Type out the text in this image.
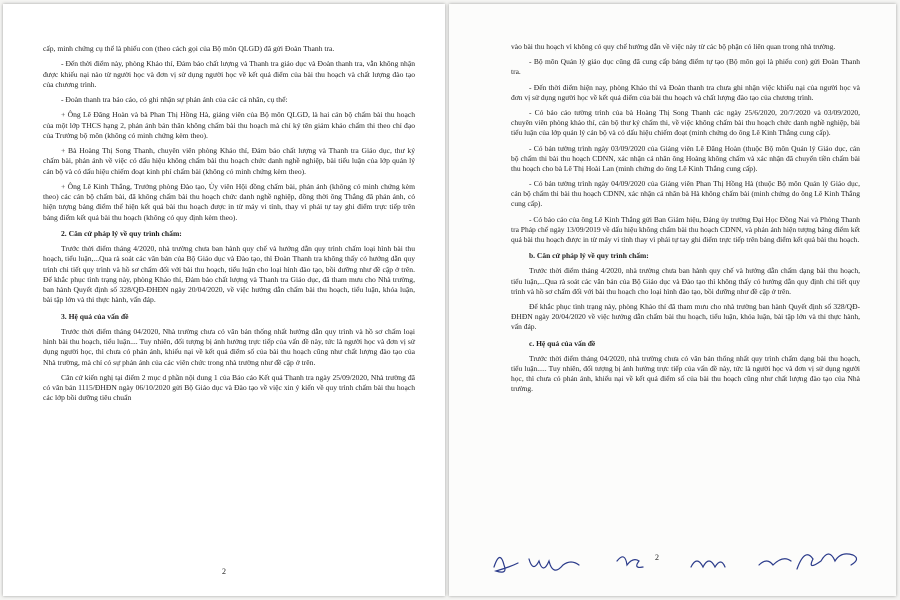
cấp, minh chứng cụ thể là phiếu con (theo cách gọi của Bộ môn QLGD) đã gửi Đoàn Thanh tra.

- Đến thời điểm này, phòng Khảo thí, Đảm bảo chất lượng và Thanh tra giáo dục và Đoàn thanh tra, vẫn không nhận được khiếu nại nào từ người học và đơn vị sử dụng người học về kết quả điểm của bài thu hoạch và chất lượng đào tạo của chương trình.

- Đoàn thanh tra báo cáo, có ghi nhận sự phản ánh của các cá nhân, cụ thể:

+ Ông Lê Đăng Hoàn và bà Phan Thị Hồng Hà, giảng viên của Bộ môn QLGD, là hai cán bộ chấm bài thu hoạch của một lớp THCS hạng 2, phản ánh bản thân không chấm bài thu hoạch mà chỉ ký tên giám khảo chấm thi theo chỉ đạo của Trưởng bộ môn (không có minh chứng kèm theo).

+ Bà Hoàng Thị Song Thanh, chuyên viên phòng Khảo thí, Đảm bảo chất lượng và Thanh tra Giáo dục, thư ký chấm bài, phản ánh về việc có dấu hiệu không chấm bài thu hoạch chức danh nghề nghiệp, bài tiểu luận của lớp quản lý cán bộ và có dấu hiệu chiếm đoạt kinh phí chấm bài (không có minh chứng kèm theo).

+ Ông Lê Kinh Thắng, Trưởng phòng Đào tạo, Ủy viên Hội đồng chấm bài, phản ánh (không có minh chứng kèm theo) các cán bộ chấm bài, đã không chấm bài thu hoạch chức danh nghề nghiệp, đồng thời ông Thắng đã phản ánh, có hiện tượng bảng điểm thể hiện kết quả bài thu hoạch được in từ máy vi tính, thay vì phải tự tay ghi điểm trực tiếp trên bảng điểm kết quả bài thu hoạch (không có quy định kèm theo).

2. Căn cứ pháp lý về quy trình chấm:

Trước thời điểm tháng 4/2020, nhà trường chưa ban hành quy chế và hướng dẫn quy trình chấm loại hình bài thu hoạch, tiểu luận,...Qua rà soát các văn bản của Bộ Giáo dục và Đào tạo, thì Đoàn Thanh tra không thấy có hướng dẫn quy trình chi tiết quy trình và hồ sơ chấm đối với bài thu hoạch, tiểu luận cho loại hình đào tạo, bồi dưỡng như đề cập ở trên. Để khắc phục tình trạng này, phòng Khảo thí, Đảm bảo chất lượng và Thanh tra Giáo dục, đã tham mưu cho Nhà trường, ban hành Quyết định số 328/QĐ-ĐHĐN ngày 20/04/2020, về việc hướng dẫn chấm bài thu hoạch, tiểu luận, khóa luận, bài tập lớn và thi thực hành, vấn đáp.

3. Hệ quả của vấn đề

Trước thời điểm tháng 04/2020, Nhà trường chưa có văn bản thống nhất hướng dẫn quy trình và hồ sơ chấm loại hình bài thu hoạch, tiểu luận.... Tuy nhiên, đối tượng bị ảnh hưởng trực tiếp của vấn đề này, tức là người học và đơn vị sử dụng người học, thì chưa có phản ánh, khiếu nại về kết quả điểm số của bài thu hoạch cũng như chất lượng đào tạo của Nhà trường, mà chỉ có sự phản ánh của các viên chức trong nhà trường như đề cập ở trên.

Căn cứ kiến nghị tại điểm 2 mục d phần nội dung 1 của Báo cáo Kết quả Thanh tra ngày 25/09/2020, Nhà trường đã có văn bản 1115/ĐHĐN ngày 06/10/2020 gửi Bộ Giáo dục và Đào tạo về việc xin ý kiến về quy trình chấm bài thu hoạch các lớp bồi dưỡng tiêu chuẩn

2

vào bài thu hoạch vì không có quy chế hướng dẫn về việc này từ các bộ phận có liên quan trong nhà trường.

- Bộ môn Quản lý giáo dục cũng đã cung cấp bảng điểm tự tạo (Bộ môn gọi là phiếu con) gửi Đoàn Thanh tra.

- Đến thời điểm hiện nay, phòng Khảo thí và Đoàn thanh tra chưa ghi nhận việc khiếu nại của người học và đơn vị sử dụng người học về kết quả điểm của bài thu hoạch và chất lượng đào tạo của chương trình.

- Có báo cáo tường trình của bà Hoàng Thị Song Thanh các ngày 25/6/2020, 20/7/2020 và 03/09/2020, chuyên viên phòng khảo thí, cán bộ thư ký chấm thi, về việc không chấm bài thu hoạch chức danh nghề nghiệp, bài tiểu luận của lớp quản lý cán bộ và có dấu hiệu chiếm đoạt (minh chứng do ông Lê Kinh Thắng cung cấp).

- Có bản tường trình ngày 03/09/2020 của Giảng viên Lê Đăng Hoàn (thuộc Bộ môn Quản lý Giáo dục, cán bộ chấm thi bài thu hoạch CDNN, xác nhận cá nhân ông Hoàng không chấm và xác nhận đã chuyển tiền chấm bài thu hoạch cho bà Lê Thị Hoài Lan (minh chứng do ông Lê Kinh Thắng cung cấp).

- Có bản tường trình ngày 04/09/2020 của Giảng viên Phan Thị Hồng Hà (thuộc Bộ môn Quản lý Giáo dục, cán bộ chấm thi bài thu hoạch CDNN, xác nhận cá nhân bà Hà không chấm bài (minh chứng do ông Lê Kinh Thắng cung cấp).

- Có báo cáo của ông Lê Kinh Thắng gửi Ban Giám hiệu, Đảng ủy trường Đại Học Đồng Nai và Phòng Thanh tra Pháp chế ngày 13/09/2019 về dấu hiệu không chấm bài thu hoạch CDNN, và phản ánh hiện tượng bảng điểm kết quả bài thu hoạch được in từ máy vi tính thay vì phải tự tay ghi điểm trực tiếp trên bảng điểm kết quả bài thu hoạch.

b. Căn cứ pháp lý về quy trình chấm:

Trước thời điểm tháng 4/2020, nhà trường chưa ban hành quy chế và hướng dẫn chấm dạng bài thu hoạch, tiểu luận,...Qua rà soát các văn bản của Bộ Giáo dục và Đào tạo thì không thấy có hướng dẫn quy định chi tiết quy trình và hồ sơ chấm đối với bài thu hoạch cho loại hình đào tạo, bồi dưỡng như đề cập ở trên.

Để khắc phục tình trạng này, phòng Khảo thí đã tham mưu cho nhà trường ban hành Quyết định số 328/QĐ-ĐHĐN ngày 20/04/2020 về việc hướng dẫn chấm bài thu hoạch, tiểu luận, khóa luận, bài tập lớn và thi thực hành, vấn đáp.

c. Hệ quả của vấn đề

Trước thời điểm tháng 04/2020, nhà trường chưa có văn bản thống nhất quy trình chấm dạng bài thu hoạch, tiểu luận..... Tuy nhiên, đối tượng bị ảnh hưởng trực tiếp của vấn đề này, tức là người học và đơn vị sử dụng người học, thì chưa có phản ánh, khiếu nại về kết quả điểm số của bài thu hoạch cũng như chất lượng đào tạo của Nhà trường.

2
